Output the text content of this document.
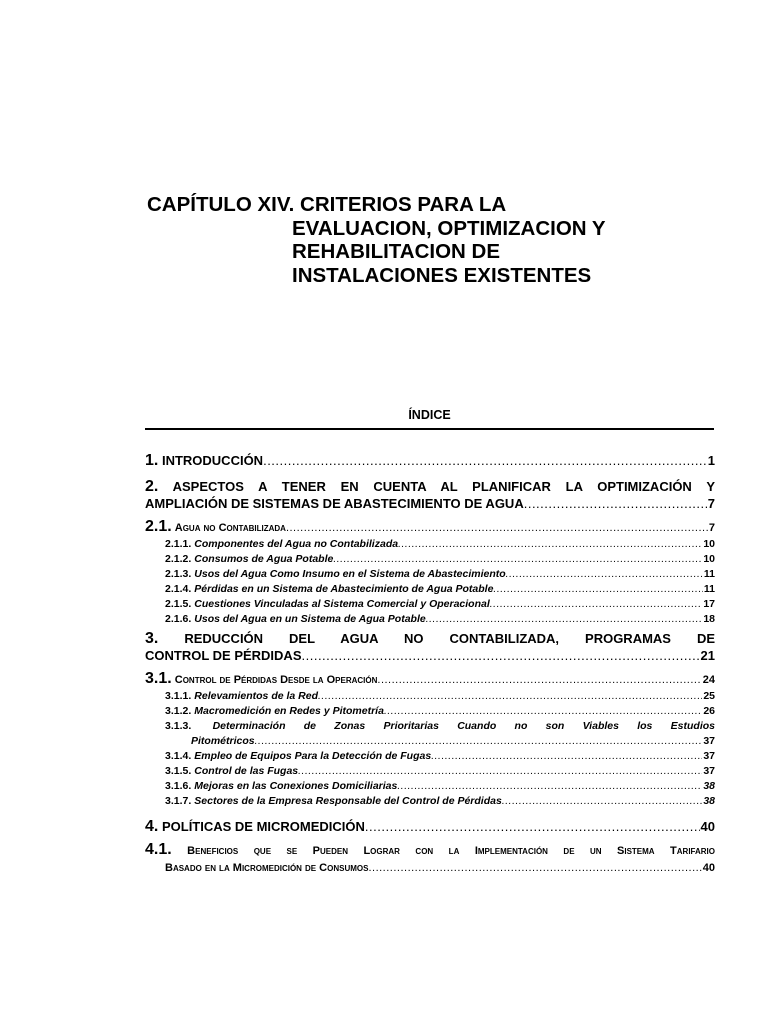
CAPÍTULO XIV. CRITERIOS PARA LA
EVALUACION, OPTIMIZACION Y
REHABILITACION DE
INSTALACIONES EXISTENTES
ÍNDICE
1.
INTRODUCCIÓN .....	1
2. ASPECTOS A TENER EN CUENTA AL PLANIFICAR LA OPTIMIZACIÓN Y
AMPLIACIÓN DE SISTEMAS DE ABASTECIMIENTO DE AGUA .....	7
2.1.
Agua no Contabilizada .....	7
2.1.1. Componentes del Agua no Contabilizada .....	10
2.1.2. Consumos de Agua Potable .....	10
2.1.3. Usos del Agua Como Insumo en el Sistema de Abastecimiento .....	11
2.1.4. Pérdidas en un Sistema de Abastecimiento de Agua Potable .....	11
2.1.5. Cuestiones Vinculadas al Sistema Comercial y Operacional .....	17
2.1.6. Usos del Agua en un Sistema de Agua Potable .....	18
3. REDUCCIÓN DEL AGUA NO CONTABILIZADA, PROGRAMAS DE
CONTROL DE PÉRDIDAS .....	21
3.1.
Control de Pérdidas Desde la Operación .....	24
3.1.1. Relevamientos de la Red .....	25
3.1.2. Macromedición en Redes y Pitometría .....	26
3.1.3. Determinación de Zonas Prioritarias Cuando no son Viables los Estudios
Pitométricos .....	37
3.1.4. Empleo de Equipos Para la Detección de Fugas .....	37
3.1.5. Control de las Fugas .....	37
3.1.6. Mejoras en las Conexiones Domiciliarias .....	38
3.1.7. Sectores de la Empresa Responsable del Control de Pérdidas .....	38
4.
POLÍTICAS DE MICROMEDICIÓN .....	40
4.1. Beneficios que se Pueden Lograr con la Implementación de un Sistema Tarifario
Basado en la Micromedición de Consumos .....	40
